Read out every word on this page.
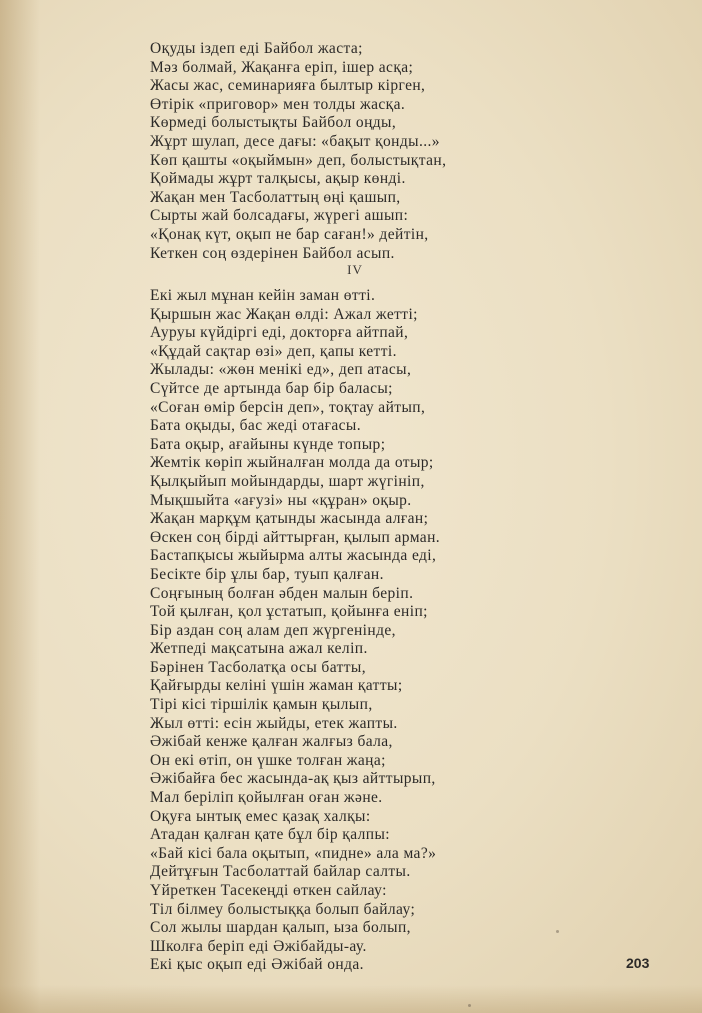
Оқуды іздеп еді Байбол жаста;
Мәз болмай, Жақанға еріп, ішер асқа;
Жасы жас, семинарияға былтыр кірген,
Өтірік «приговор» мен толды жасқа.
Көрмеді болыстықты Байбол оңды,
Жұрт шулап, десе дағы: «бақыт қонды...»
Көп қашты «оқыймын» деп, болыстықтан,
Қоймады жұрт талқысы, ақыр көнді.
Жақан мен Тасболаттың өңі қашып,
Сырты жай болсадағы, жүрегі ашып:
«Қонақ күт, оқып не бар саған!» дейтін,
Кеткен соң өздерінен Байбол асып.
IV
Екі жыл мұнан кейін заман өтті.
Қыршын жас Жақан өлді: Ажал жетті;
Ауруы күйдіргі еді, докторға айтпай,
«Құдай сақтар өзі» деп, қапы кетті.
Жылады: «жөн менікі ед», деп атасы,
Сүйтсе де артында бар бір баласы;
«Соған өмір берсін деп», тоқтау айтып,
Бата оқыды, бас жеді отағасы.
Бата оқыр, ағайыны күнде топыр;
Жемтік көріп жыйналған молда да отыр;
Қылқыйып мойындарды, шарт жүгініп,
Мықшыйта «ағузі» ны «құран» оқыр.
Жақан марқұм қатынды жасында алған;
Өскен соң бірді айттырған, қылып арман.
Бастапқысы жыйырма алты жасында еді,
Бесікте бір ұлы бар, туып қалған.
Соңғының болған әбден малын беріп.
Той қылған, қол ұстатып, қойынға еніп;
Бір аздан соң алам деп жүргенінде,
Жетпеді мақсатына ажал келіп.
Бәрінен Тасболатқа осы батты,
Қайғырды келіні үшін жаман қатты;
Тірі кісі тіршілік қамын қылып,
Жыл өтті: есін жыйды, етек жапты.
Әжібай кенже қалған жалғыз бала,
Он екі өтіп, он үшке толған жаңа;
Әжібайға бес жасында-ақ қыз айттырып,
Мал беріліп қойылған оған және.
Оқуға ынтық емес қазақ халқы:
Атадан қалған қате бұл бір қалпы:
«Бай кісі бала оқытып, «пидне» ала ма?»
Дейтұғын Тасболаттай байлар салты.
Үйреткен Тасекеңді өткен сайлау:
Тіл білмеу болыстыққа болып байлау;
Сол жылы шардан қалып, ыза болып,
Школға беріп еді Әжібайды-ау.
Екі қыс оқып еді Әжібай онда.	203
